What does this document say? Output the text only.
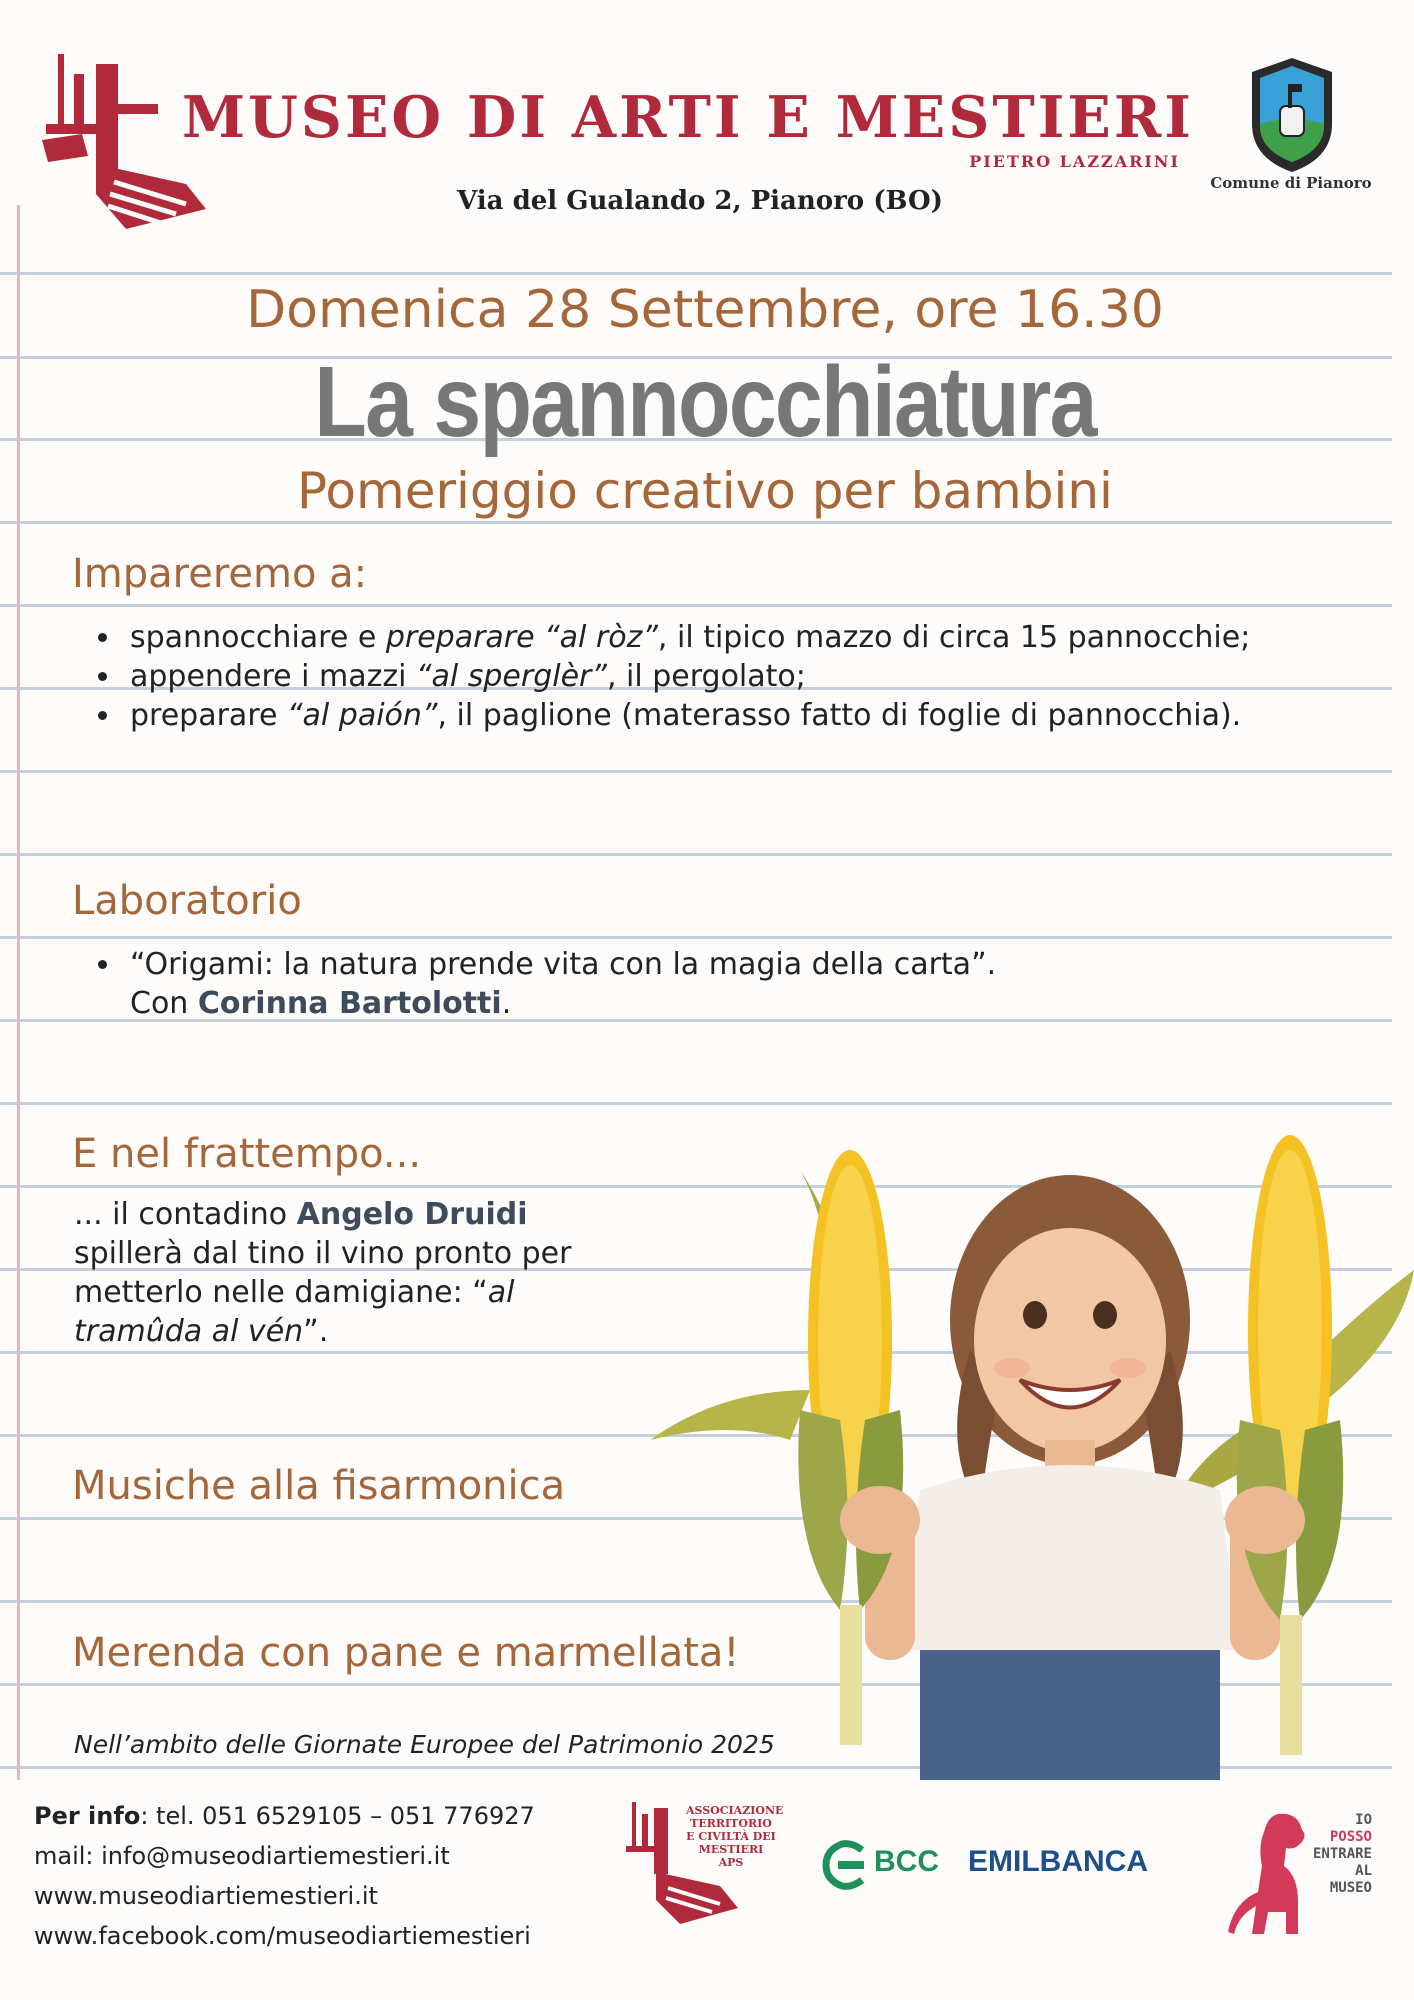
MUSEO DI ARTI E MESTIERI
PIETRO LAZZARINI
Via del Gualando 2, Pianoro (BO)
Comune di Pianoro
Domenica 28 Settembre, ore 16.30
La spannocchiatura
Pomeriggio creativo per bambini
Impareremo a:
spannocchiare e preparare “al ròz”, il tipico mazzo di circa 15 pannocchie;
appendere i mazzi “al sperglèr”, il pergolato;
preparare “al paión”, il paglione (materasso fatto di foglie di pannocchia).
Laboratorio
“Origami: la natura prende vita con la magia della carta”.
Con Corinna Bartolotti.
E nel frattempo...
... il contadino Angelo Druidi spillerà dal tino il vino pronto per metterlo nelle damigiane: “al tramûda al vén”.
Musiche alla fisarmonica
Merenda con pane e marmellata!
Nell’ambito delle Giornate Europee del Patrimonio 2025
Per info: tel. 051 6529105 – 051 776927
mail: info@museodiartiemestieri.it
www.museodiartiemestieri.it
www.facebook.com/museodiartiemestieri
ASSOCIAZIONE TERRITORIO E CIVILTÀ DEI MESTIERI APS	BCC EMILBANCA
IO
POSSO
ENTRARE
AL
MUSEO
